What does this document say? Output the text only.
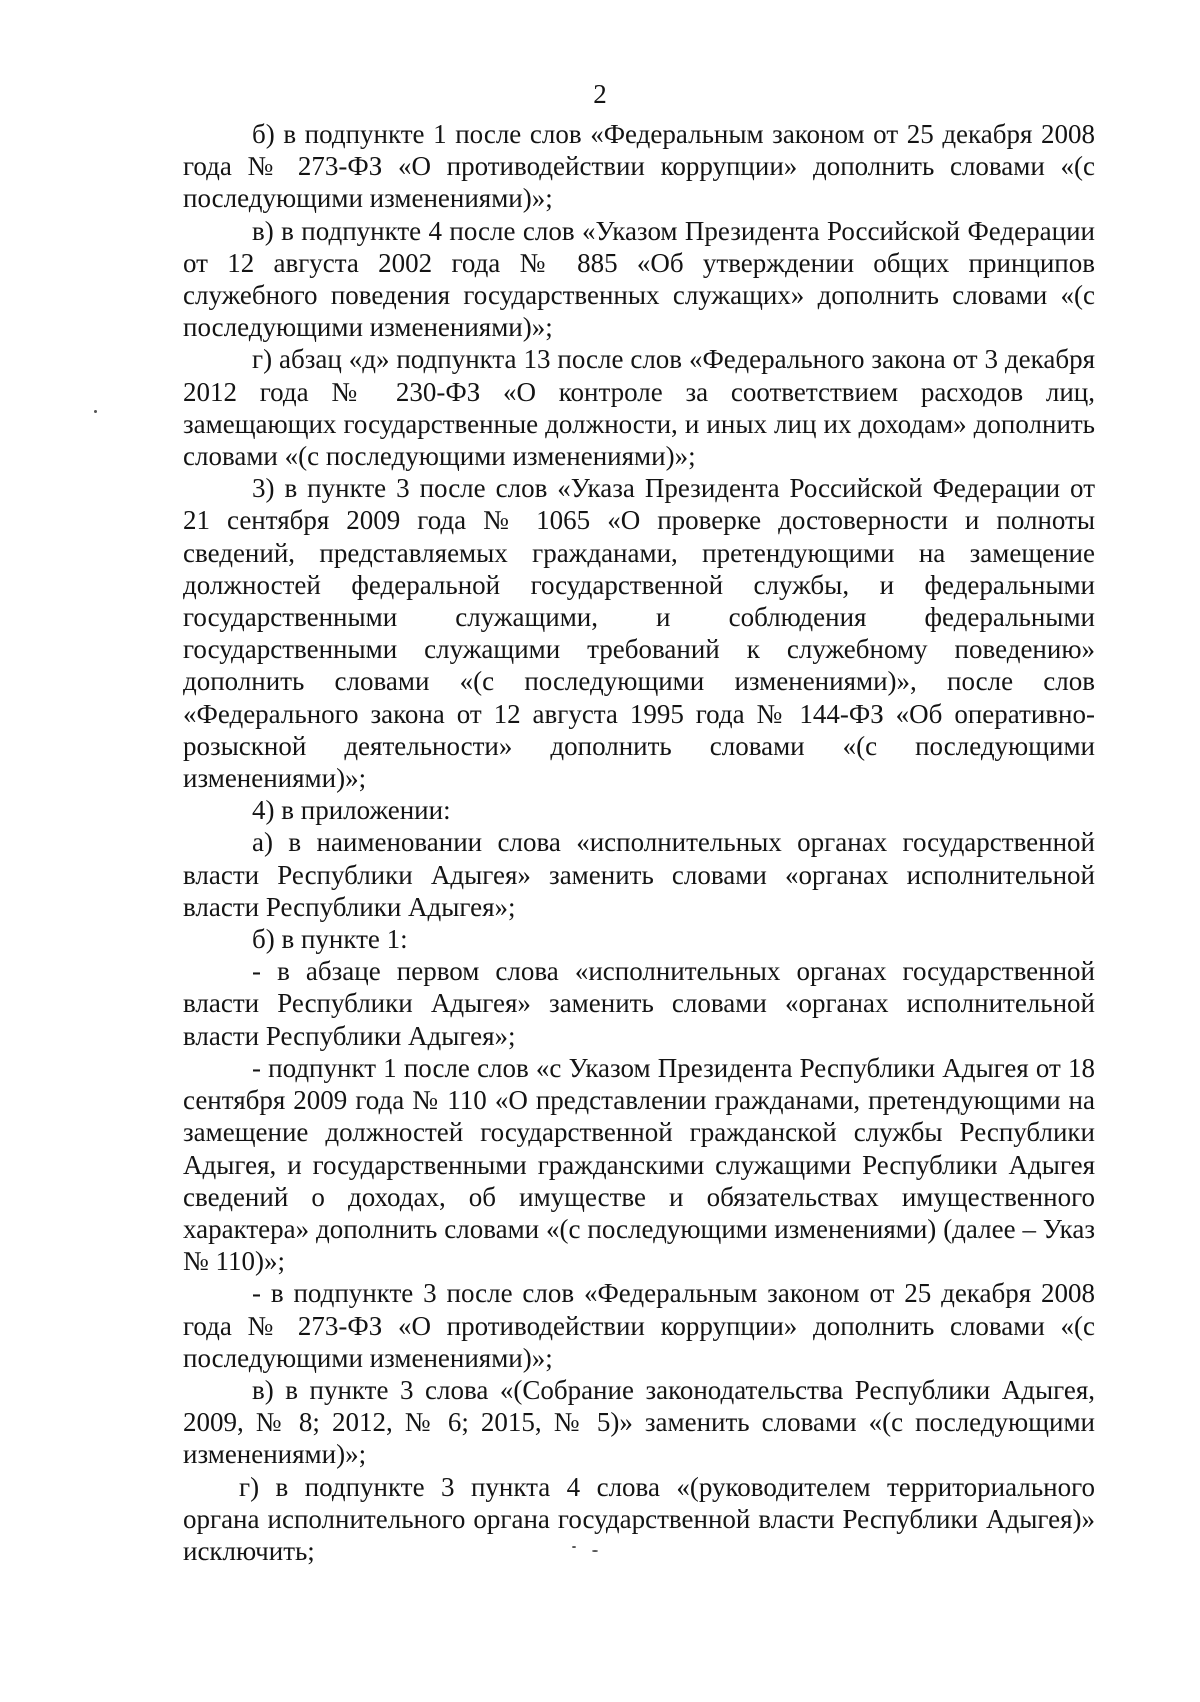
2

б) в подпункте 1 после слов «Федеральным законом от 25 декабря 2008 года № 273-ФЗ «О противодействии коррупции» дополнить словами «(с последующими изменениями)»;

в) в подпункте 4 после слов «Указом Президента Российской Федерации от 12 августа 2002 года № 885 «Об утверждении общих принципов служебного поведения государственных служащих» дополнить словами «(с последующими изменениями)»;

г) абзац «д» подпункта 13 после слов «Федерального закона от 3 декабря 2012 года № 230-ФЗ «О контроле за соответствием расходов лиц, замещающих государственные должности, и иных лиц их доходам» дополнить словами «(с последующими изменениями)»;

3) в пункте 3 после слов «Указа Президента Российской Федерации от 21 сентября 2009 года № 1065 «О проверке достоверности и полноты сведений, представляемых гражданами, претендующими на замещение должностей федеральной государственной службы, и федеральными государственными служащими, и соблюдения федеральными государственными служащими требований к служебному поведению» дополнить словами «(с последующими изменениями)», после слов «Федерального закона от 12 августа 1995 года № 144-ФЗ «Об оперативно-розыскной деятельности» дополнить словами «(с последующими изменениями)»;

4) в приложении:

а) в наименовании слова «исполнительных органах государственной власти Республики Адыгея» заменить словами «органах исполнительной власти Республики Адыгея»;

б) в пункте 1:

- в абзаце первом слова «исполнительных органах государственной власти Республики Адыгея» заменить словами «органах исполнительной власти Республики Адыгея»;

- подпункт 1 после слов «с Указом Президента Республики Адыгея от 18 сентября 2009 года № 110 «О представлении гражданами, претендующими на замещение должностей государственной гражданской службы Республики Адыгея, и государственными гражданскими служащими Республики Адыгея сведений о доходах, об имуществе и обязательствах имущественного характера» дополнить словами «(с последующими изменениями) (далее – Указ № 110)»;

- в подпункте 3 после слов «Федеральным законом от 25 декабря 2008 года № 273-ФЗ «О противодействии коррупции» дополнить словами «(с последующими изменениями)»;

в) в пункте 3 слова «(Собрание законодательства Республики Адыгея, 2009, № 8; 2012, № 6; 2015, № 5)» заменить словами «(с последующими изменениями)»;

г) в подпункте 3 пункта 4 слова «(руководителем территориального органа исполнительного органа государственной власти Республики Адыгея)» исключить;
